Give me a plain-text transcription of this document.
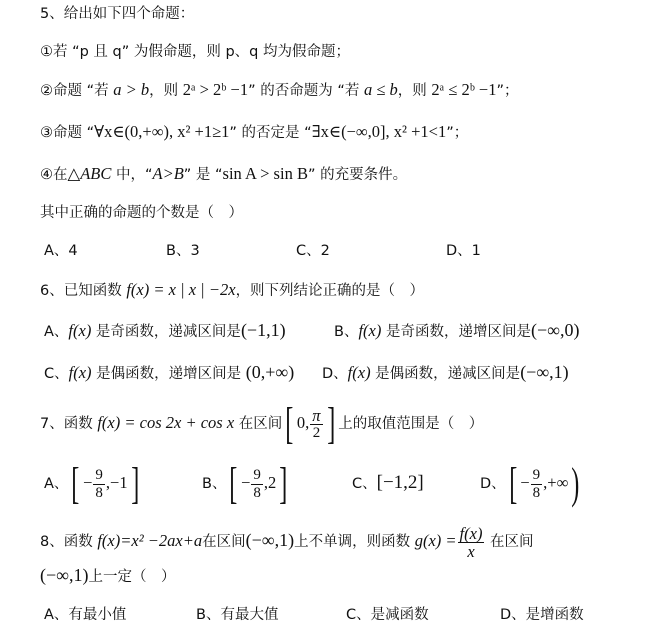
5、给出如下四个命题：
①若 “p 且 q” 为假命题，则 p、q 均为假命题；
②命题 “若 a > b，则 2ᵃ > 2ᵇ −1” 的否命题为 “若 a ≤ b，则 2ᵃ ≤ 2ᵇ −1”；
③命题 “∀x∈(0,+∞), x² +1≥1” 的否定是 “∃x∈(−∞,0], x² +1<1”；
④在△ABC 中，“A>B” 是 “sin A > sin B” 的充要条件。
其中正确的命题的个数是（　）
A、4	B、3	C、2	D、1
6、已知函数 f(x) = x | x | −2x，则下列结论正确的是（　）
A、f(x) 是奇函数，递减区间是(−1,1)	B、f(x) 是奇函数，递增区间是(−∞,0)
C、f(x) 是偶函数，递增区间是 (0,+∞) D、f(x) 是偶函数，递减区间是(−∞,1)
7、函数 f(x) = cos 2x + cos x 在区间[ 0, $\frac{\pi}{2}$ ] 上的取值范围是（　）
A、[ − $\frac{9}{8} ,-1$]	B、[ − $\frac{9}{8} ,2$]	C、[−1,2]	D、[ − $\frac{9}{8}$ ,+∞)
8、函数 f(x)=x² −2ax+a在区间(−∞,1)上不单调，则函数 $g(x) = \frac{f(x)}{x}$ 在区间
(−∞,1)上一定（　）
A、有最小值	B、有最大值	C、是减函数	D、是增函数
